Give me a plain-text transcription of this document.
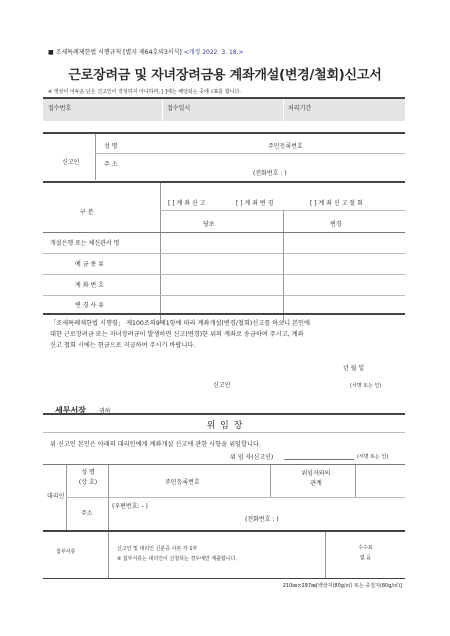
■ 조세특례제한법 시행규칙 [별지 제64호의3서식] <개정 2022. 3. 18.>
근로장려금 및 자녀장려금용 계좌개설(변경/철회)신고서
※ 색상이 어두운 난은 신고인이 작성하지 아니하며, [ ]에는 해당되는 곳에 √표를 합니다.
접수번호	접수일시	처리기간
신고인
성 명	주민등록번호
주 소
(전화번호 : )
구 분
[ ] 계 좌 신 고	[ ] 계 좌 변 경	[ ] 계 좌 신 고 철 회
당초	변경
개설은행 또는 체신관서 명
예 금 종 류
계 좌 번 호
변 경 사 유
「조세특례제한법 시행령」 제100조의9제1항에 따라 계좌개설(변경/철회)신고를 하오니 본인에
대한 근로장려금 또는 자녀장려금이 발생하면 신고(변경)한 위의 계좌로 송금하여 주시고, 계좌
신고 철회 시에는 현금으로 지급하여 주시기 바랍니다.
년 월 일
신고인	(서명 또는 인)
세무서장 귀하
위 임 장
위 신고인 본인은 아래의 대리인에게 계좌개설 신고에 관한 사항을 위임합니다.
위 임 자(신고인)	(서명 또는 인)
대리인
성 명
(상 호)	주민등록번호
위임자와의
관계
주소
(우편번호: - )
(전화번호 : )
첨부서류	신고인 및 대리인 신분증 사본 각 1부
※ 첨부서류는 대리인이 신청하는 경우에만 제출합니다.
수수료
없 음
210㎜×297㎜[백상지(80g/㎡) 또는 중질지(80g/㎡)]
